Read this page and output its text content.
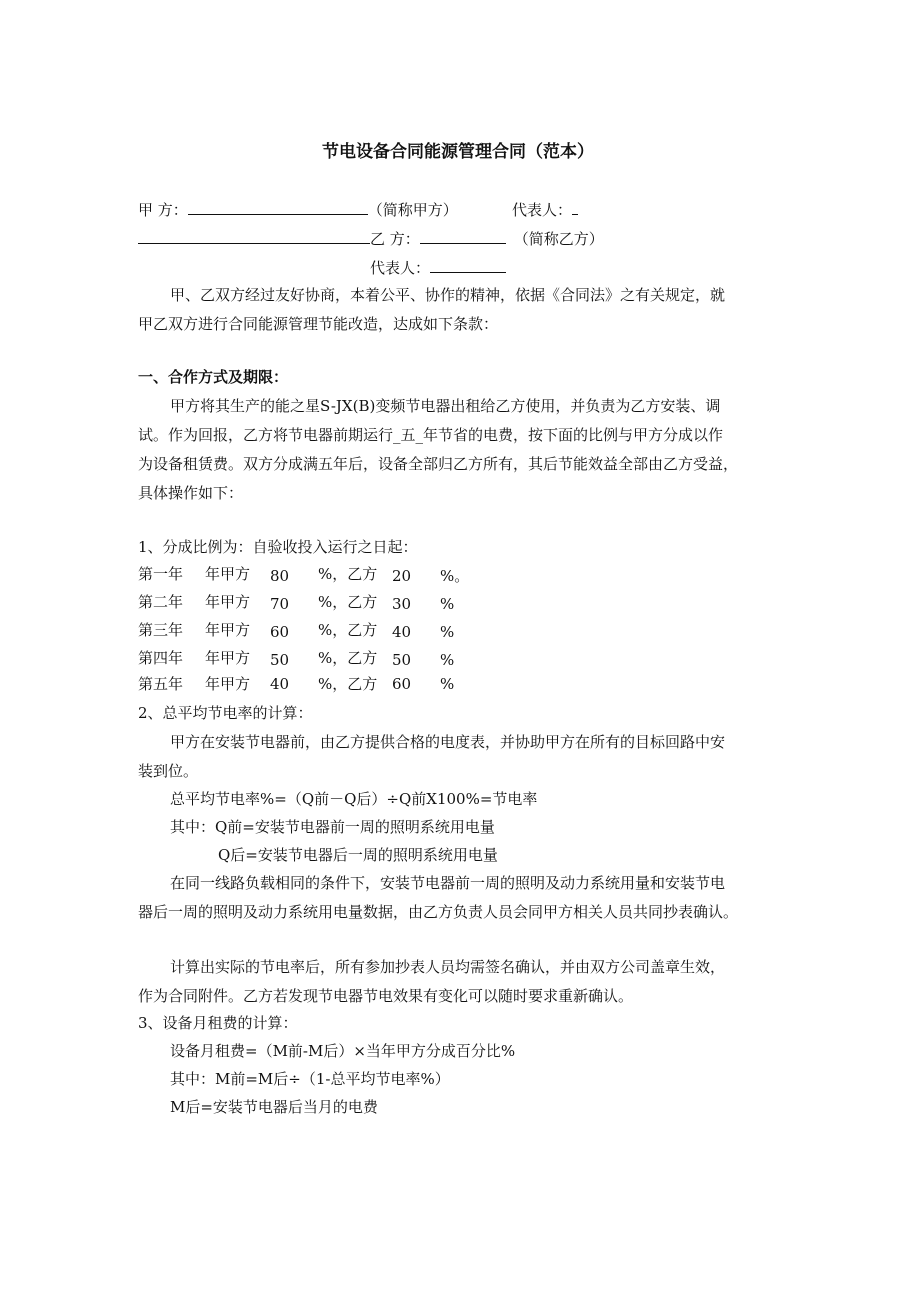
节电设备合同能源管理合同（范本）
甲 方：	（简称甲方）	代表人：
乙 方：	（简称乙方）
代表人：
甲、乙双方经过友好协商，本着公平、协作的精神，依据《合同法》之有关规定，就
甲乙双方进行合同能源管理节能改造，达成如下条款：
一、合作方式及期限：
甲方将其生产的能之星S-JX(B)变频节电器出租给乙方使用，并负责为乙方安装、调
试。作为回报，乙方将节电器前期运行_五_年节省的电费，按下面的比例与甲方分成以作
为设备租赁费。双方分成满五年后，设备全部归乙方所有，其后节能效益全部由乙方受益，
具体操作如下：
1、分成比例为：自验收投入运行之日起：
第一年 年甲方 80 %，乙方 20 %。
第二年 年甲方 70 %，乙方 30 %
第三年 年甲方 60 %，乙方 40 %
第四年 年甲方 50 %，乙方 50 %
第五年 年甲方 40 %，乙方 60 %
2、总平均节电率的计算：
甲方在安装节电器前，由乙方提供合格的电度表，并协助甲方在所有的目标回路中安
装到位。
总平均节电率%=（Q前－Q后）÷Q前X100%=节电率
其中：Q前=安装节电器前一周的照明系统用电量
Q后=安装节电器后一周的照明系统用电量
在同一线路负载相同的条件下，安装节电器前一周的照明及动力系统用量和安装节电
器后一周的照明及动力系统用电量数据，由乙方负责人员会同甲方相关人员共同抄表确认。
计算出实际的节电率后，所有参加抄表人员均需签名确认，并由双方公司盖章生效，
作为合同附件。乙方若发现节电器节电效果有变化可以随时要求重新确认。
3、设备月租费的计算：
设备月租费=（M前-M后）×当年甲方分成百分比%
其中：M前=M后÷（1-总平均节电率%）
M后=安装节电器后当月的电费
